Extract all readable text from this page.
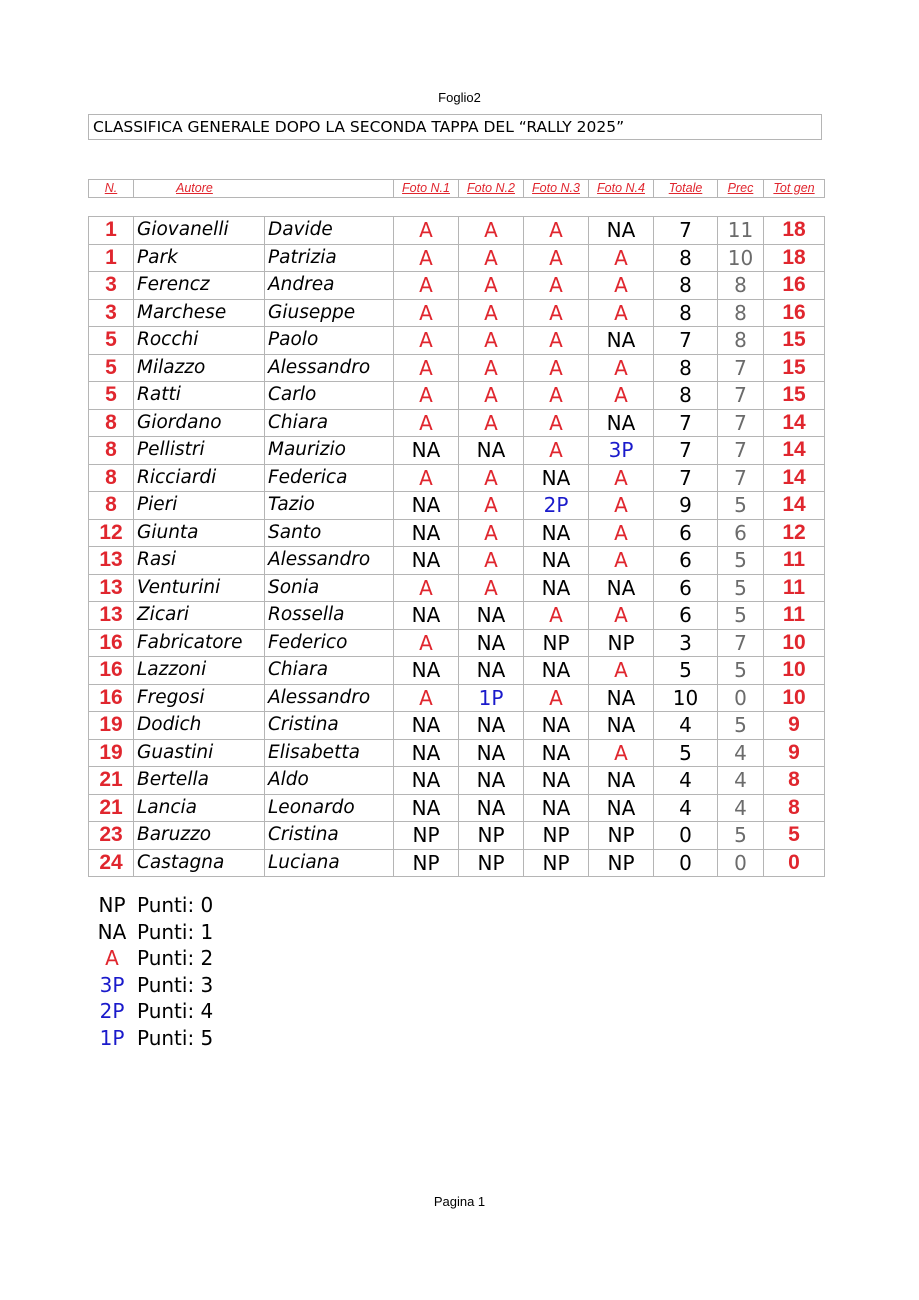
Foglio2
CLASSIFICA GENERALE DOPO LA SECONDA TAPPA DEL “RALLY 2025”
N.	Autore	Foto N.1	Foto N.2	Foto N.3	Foto N.4	Totale	Prec	Tot gen
1	Giovanelli	Davide	A	A	A	NA	7	11	18
1	Park	Patrizia	A	A	A	A	8	10	18
3	Ferencz	Andrea	A	A	A	A	8	8	16
3	Marchese	Giuseppe	A	A	A	A	8	8	16
5	Rocchi	Paolo	A	A	A	NA	7	8	15
5	Milazzo	Alessandro	A	A	A	A	8	7	15
5	Ratti	Carlo	A	A	A	A	8	7	15
8	Giordano	Chiara	A	A	A	NA	7	7	14
8	Pellistri	Maurizio	NA	NA	A	3P	7	7	14
8	Ricciardi	Federica	A	A	NA	A	7	7	14
8	Pieri	Tazio	NA	A	2P	A	9	5	14
12	Giunta	Santo	NA	A	NA	A	6	6	12
13	Rasi	Alessandro	NA	A	NA	A	6	5	11
13	Venturini	Sonia	A	A	NA	NA	6	5	11
13	Zicari	Rossella	NA	NA	A	A	6	5	11
16	Fabricatore	Federico	A	NA	NP	NP	3	7	10
16	Lazzoni	Chiara	NA	NA	NA	A	5	5	10
16	Fregosi	Alessandro	A	1P	A	NA	10	0	10
19	Dodich	Cristina	NA	NA	NA	NA	4	5	9
19	Guastini	Elisabetta	NA	NA	NA	A	5	4	9
21	Bertella	Aldo	NA	NA	NA	NA	4	4	8
21	Lancia	Leonardo	NA	NA	NA	NA	4	4	8
23	Baruzzo	Cristina	NP	NP	NP	NP	0	5	5
24	Castagna	Luciana	NP	NP	NP	NP	0	0	0
NP Punti: 0
NA Punti: 1
A Punti: 2
3P Punti: 3
2P Punti: 4
1P Punti: 5
Pagina 1
